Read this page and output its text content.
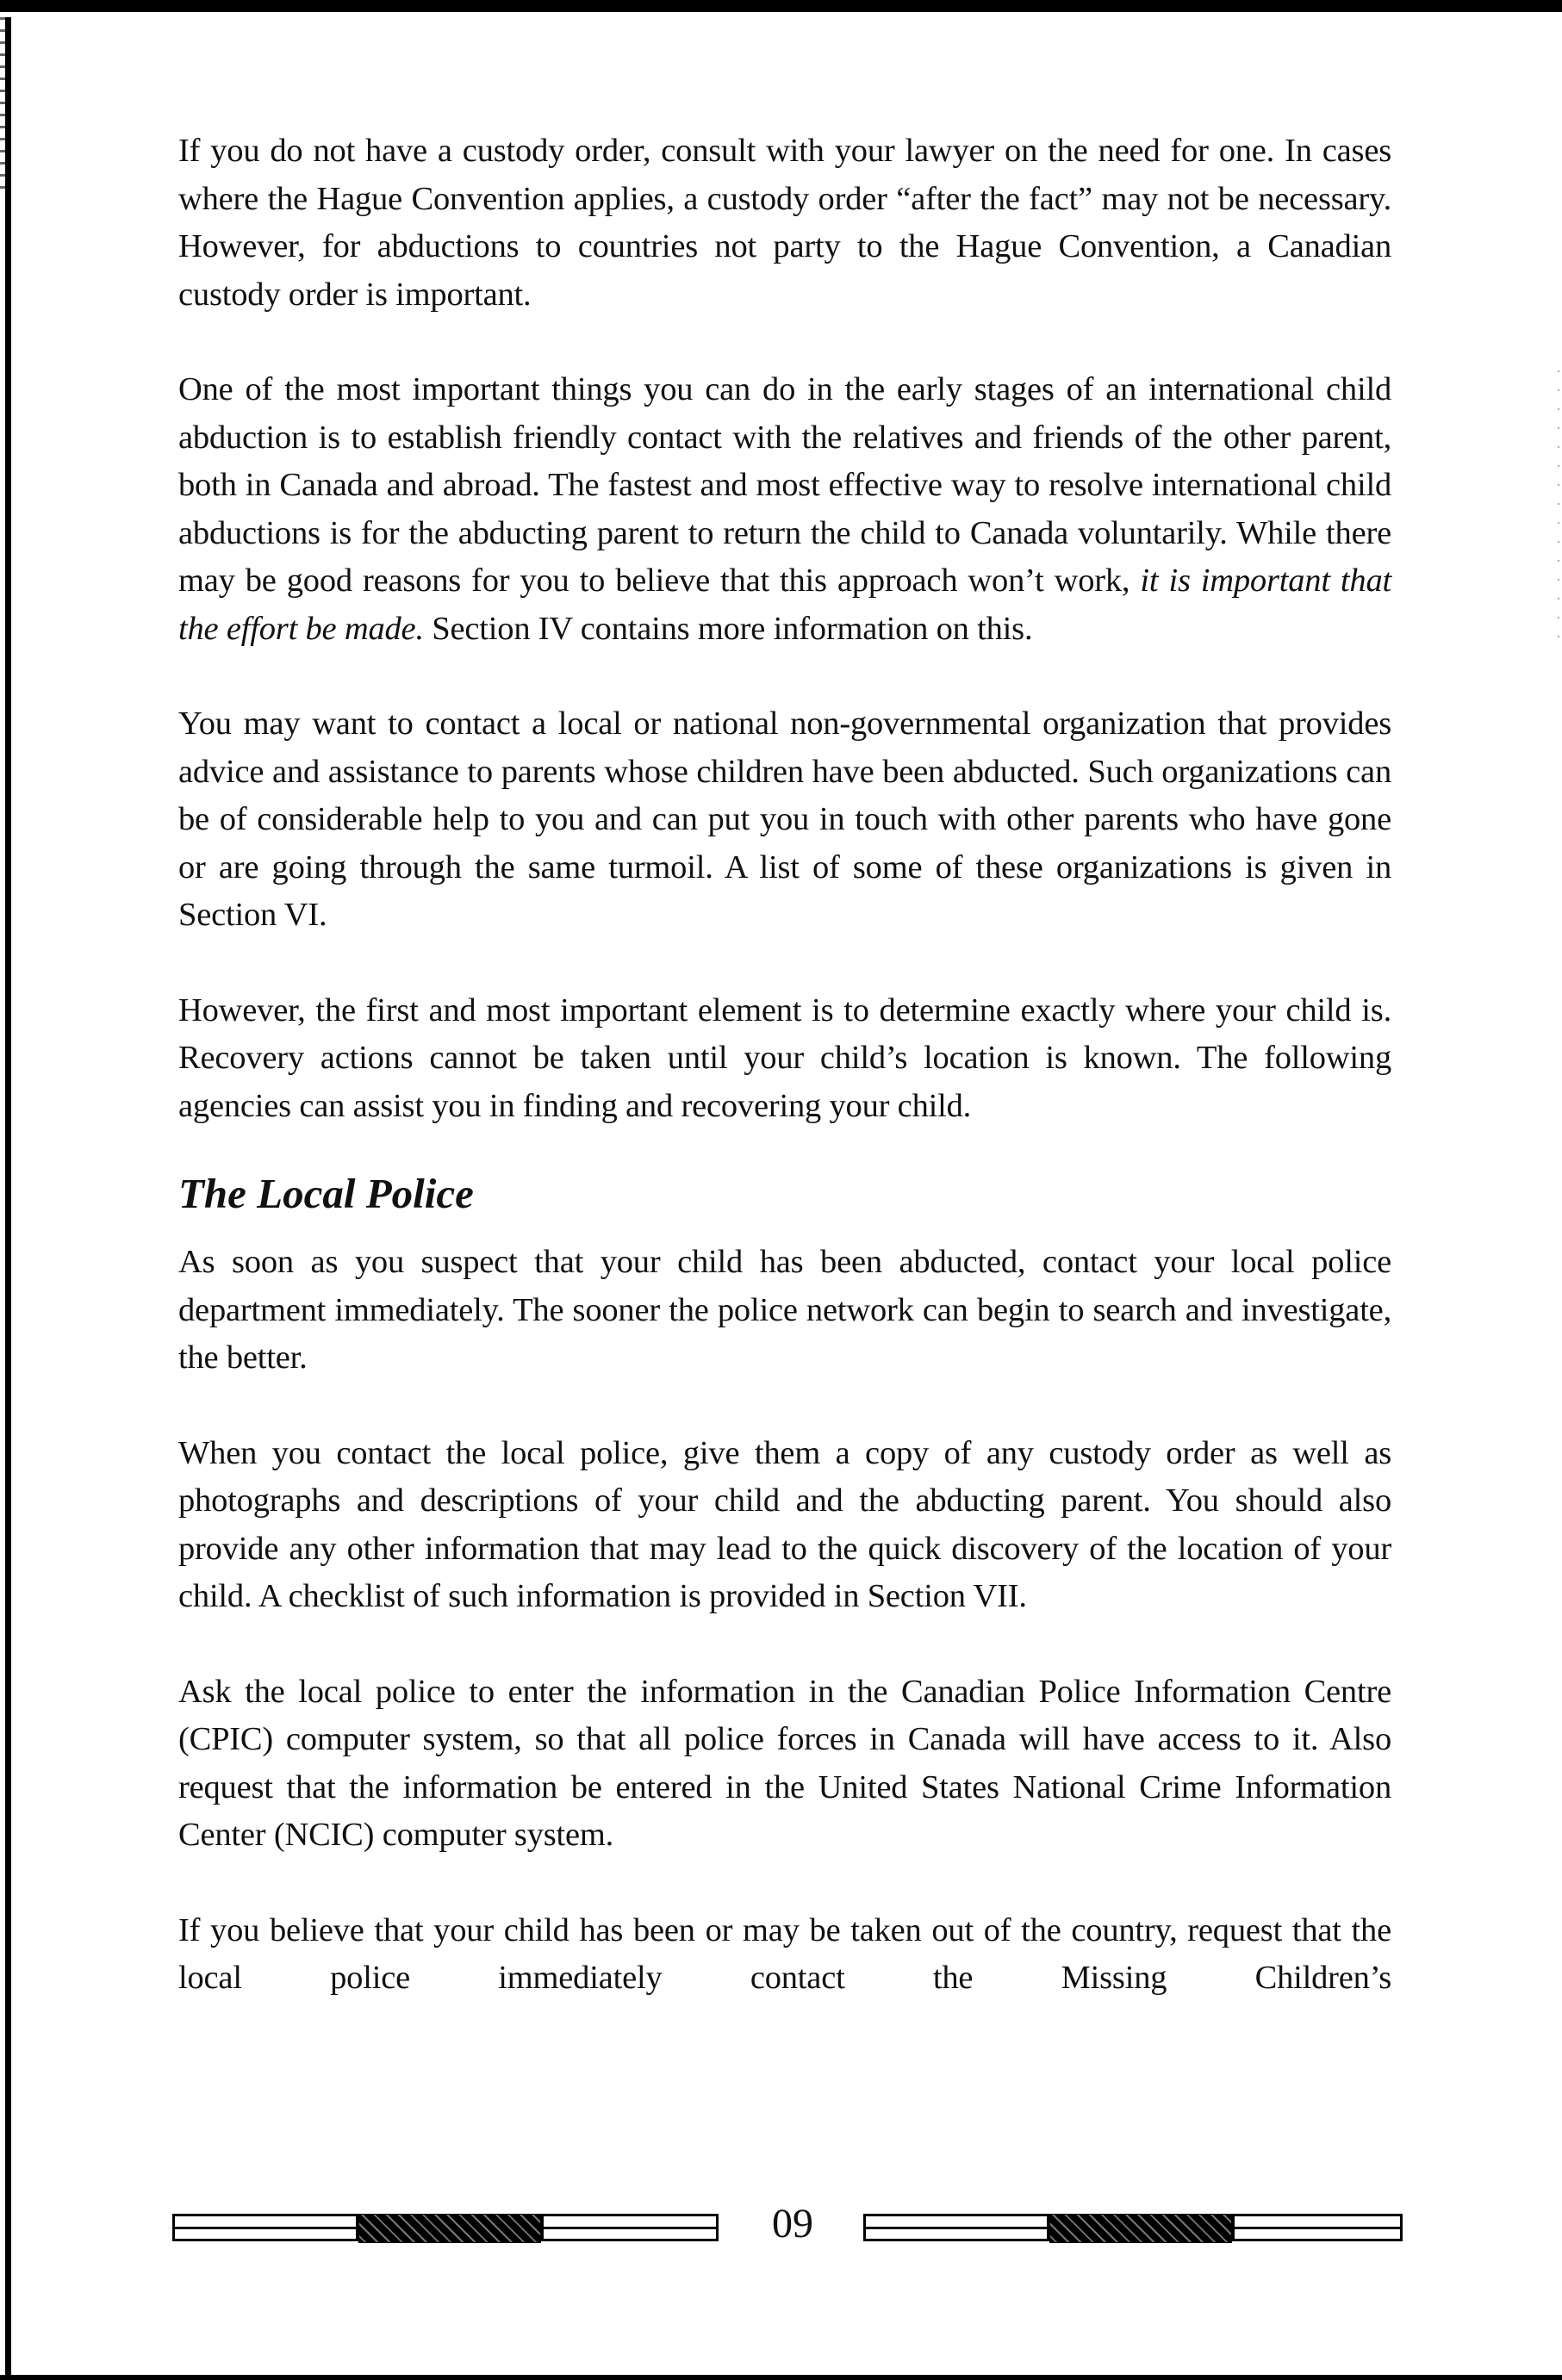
If you do not have a custody order, consult with your lawyer on the need for one. In cases where the Hague Convention applies, a custody order “after the fact” may not be necessary. However, for abductions to countries not party to the Hague Convention, a Canadian custody order is important.

One of the most important things you can do in the early stages of an international child abduction is to establish friendly contact with the relatives and friends of the other parent, both in Canada and abroad. The fastest and most effective way to resolve international child abductions is for the abducting parent to return the child to Canada voluntarily. While there may be good reasons for you to believe that this approach won’t work, it is important that the effort be made. Section IV contains more information on this.

You may want to contact a local or national non-governmental organization that provides advice and assistance to parents whose children have been abducted. Such organizations can be of considerable help to you and can put you in touch with other parents who have gone or are going through the same turmoil. A list of some of these organizations is given in Section VI.

However, the first and most important element is to determine exactly where your child is. Recovery actions cannot be taken until your child’s location is known. The following agencies can assist you in finding and recovering your child.

The Local Police

As soon as you suspect that your child has been abducted, contact your local police department immediately. The sooner the police network can begin to search and investigate, the better.

When you contact the local police, give them a copy of any custody order as well as photographs and descriptions of your child and the abducting parent. You should also provide any other information that may lead to the quick discovery of the location of your child. A checklist of such information is provided in Section VII.

Ask the local police to enter the information in the Canadian Police Information Centre (CPIC) computer system, so that all police forces in Canada will have access to it. Also request that the information be entered in the United States National Crime Information Center (NCIC) computer system.

If you believe that your child has been or may be taken out of the country, request that the local police immediately contact the Missing Children’s

09
